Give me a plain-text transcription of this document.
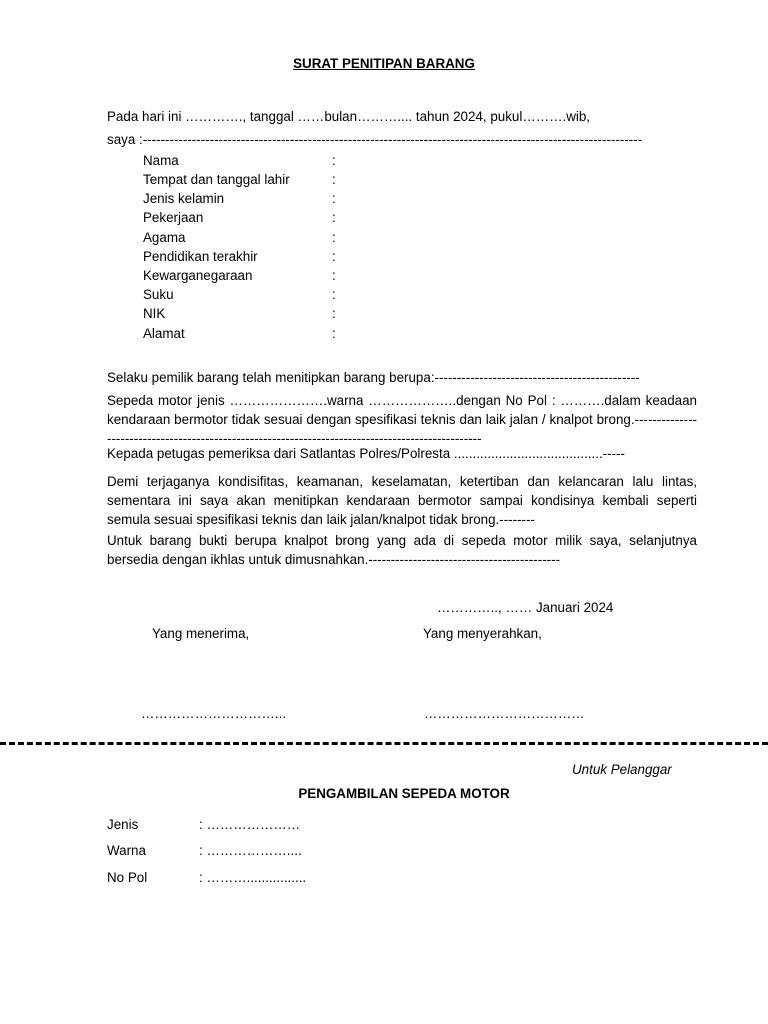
SURAT PENITIPAN BARANG
Pada hari ini …………., tanggal ……bulan……….... tahun 2024, pukul……….wib,
saya :----------------------------------------------------------------------------------------------------------------
Nama	:
Tempat dan tanggal lahir	:
Jenis kelamin	:
Pekerjaan	:
Agama	:
Pendidikan terakhir	:
Kewarganegaraan	:
Suku	:
NIK	:
Alamat	:
Selaku pemilik barang telah menitipkan barang berupa:----------------------------------------------
Sepeda motor jenis ………………….warna ………………..dengan No Pol : ……….dalam keadaan kendaraan bermotor tidak sesuai dengan spesifikasi teknis dan laik jalan / knalpot brong.--------------------------------------------------------------------------------------------------
Kepada petugas pemeriksa dari Satlantas Polres/Polresta ........................................-----
Demi terjaganya kondisifitas, keamanan, keselamatan, ketertiban dan kelancaran lalu lintas, sementara ini saya akan menitipkan kendaraan bermotor sampai kondisinya kembali seperti semula sesuai spesifikasi teknis dan laik jalan/knalpot tidak brong.--------
Untuk barang bukti berupa knalpot brong yang ada di sepeda motor milik saya, selanjutnya bersedia dengan ikhlas untuk dimusnahkan.-------------------------------------------
………….., …… Januari 2024
Yang menerima,	Yang menyerahkan,
…………………………...	………………………………
Untuk Pelanggar
PENGAMBILAN SEPEDA MOTOR
Jenis	: …………………
Warna	: ………………....
No Pol	: ………................
